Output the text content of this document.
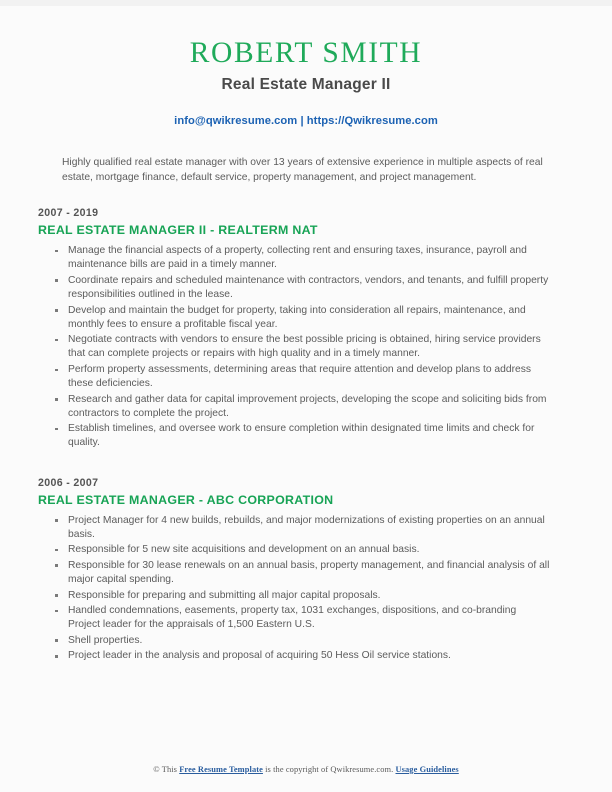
ROBERT SMITH
Real Estate Manager II
info@qwikresume.com | https://Qwikresume.com
Highly qualified real estate manager with over 13 years of extensive experience in multiple aspects of real estate, mortgage finance, default service, property management, and project management.
2007 - 2019
REAL ESTATE MANAGER II - REALTERM NAT
Manage the financial aspects of a property, collecting rent and ensuring taxes, insurance, payroll and maintenance bills are paid in a timely manner.
Coordinate repairs and scheduled maintenance with contractors, vendors, and tenants, and fulfill property responsibilities outlined in the lease.
Develop and maintain the budget for property, taking into consideration all repairs, maintenance, and monthly fees to ensure a profitable fiscal year.
Negotiate contracts with vendors to ensure the best possible pricing is obtained, hiring service providers that can complete projects or repairs with high quality and in a timely manner.
Perform property assessments, determining areas that require attention and develop plans to address these deficiencies.
Research and gather data for capital improvement projects, developing the scope and soliciting bids from contractors to complete the project.
Establish timelines, and oversee work to ensure completion within designated time limits and check for quality.
2006 - 2007
REAL ESTATE MANAGER - ABC CORPORATION
Project Manager for 4 new builds, rebuilds, and major modernizations of existing properties on an annual basis.
Responsible for 5 new site acquisitions and development on an annual basis.
Responsible for 30 lease renewals on an annual basis, property management, and financial analysis of all major capital spending.
Responsible for preparing and submitting all major capital proposals.
Handled condemnations, easements, property tax, 1031 exchanges, dispositions, and co-branding Project leader for the appraisals of 1,500 Eastern U.S.
Shell properties.
Project leader in the analysis and proposal of acquiring 50 Hess Oil service stations.
© This Free Resume Template is the copyright of Qwikresume.com. Usage Guidelines
